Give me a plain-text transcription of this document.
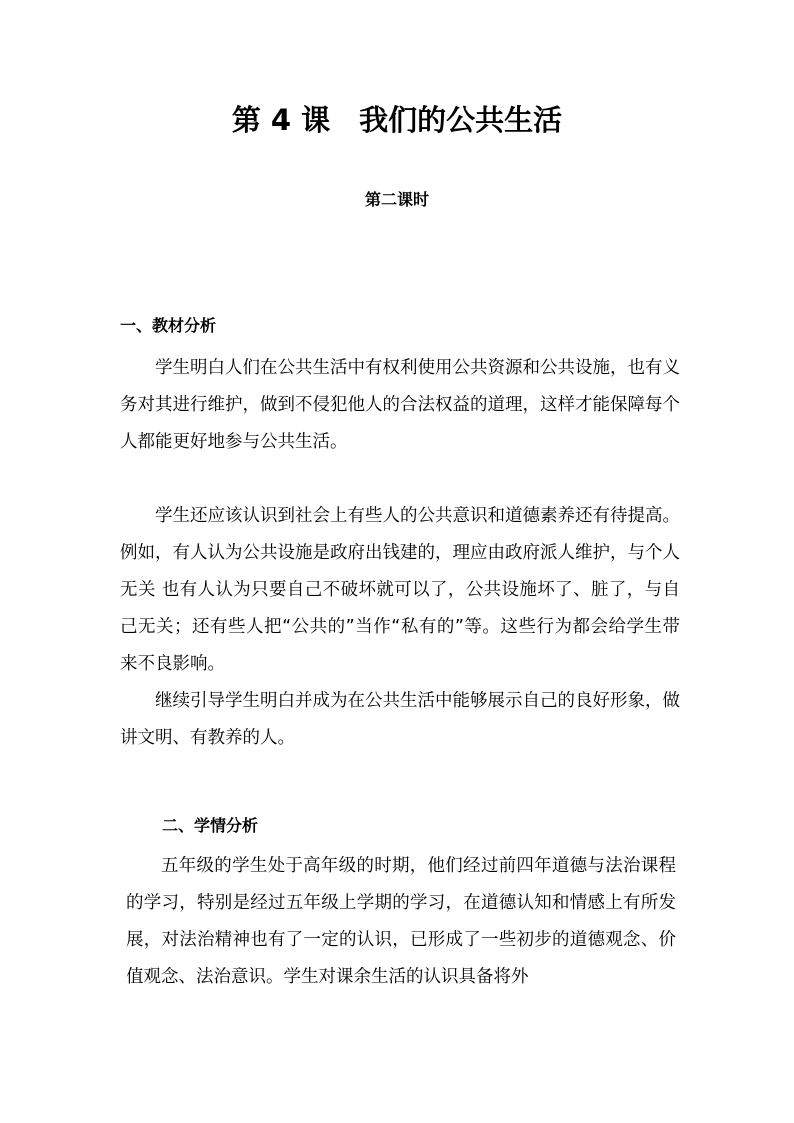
第 4 课　我们的公共生活
第二课时
一、教材分析

学生明白人们在公共生活中有权利使用公共资源和公共设施，也有义务对其进行维护，做到不侵犯他人的合法权益的道理，这样才能保障每个人都能更好地参与公共生活。

学生还应该认识到社会上有些人的公共意识和道德素养还有待提高。例如，有人认为公共设施是政府出钱建的，理应由政府派人维护，与个人无关 也有人认为只要自己不破坏就可以了，公共设施坏了、脏了，与自己无关；还有些人把“公共的”当作“私有的”等。这些行为都会给学生带来不良影响。

继续引导学生明白并成为在公共生活中能够展示自己的良好形象，做讲文明、有教养的人。

二、学情分析

五年级的学生处于高年级的时期，他们经过前四年道德与法治课程的学习，特别是经过五年级上学期的学习，在道德认知和情感上有所发展，对法治精神也有了一定的认识，已形成了一些初步的道德观念、价值观念、法治意识。学生对课余生活的认识具备将外
